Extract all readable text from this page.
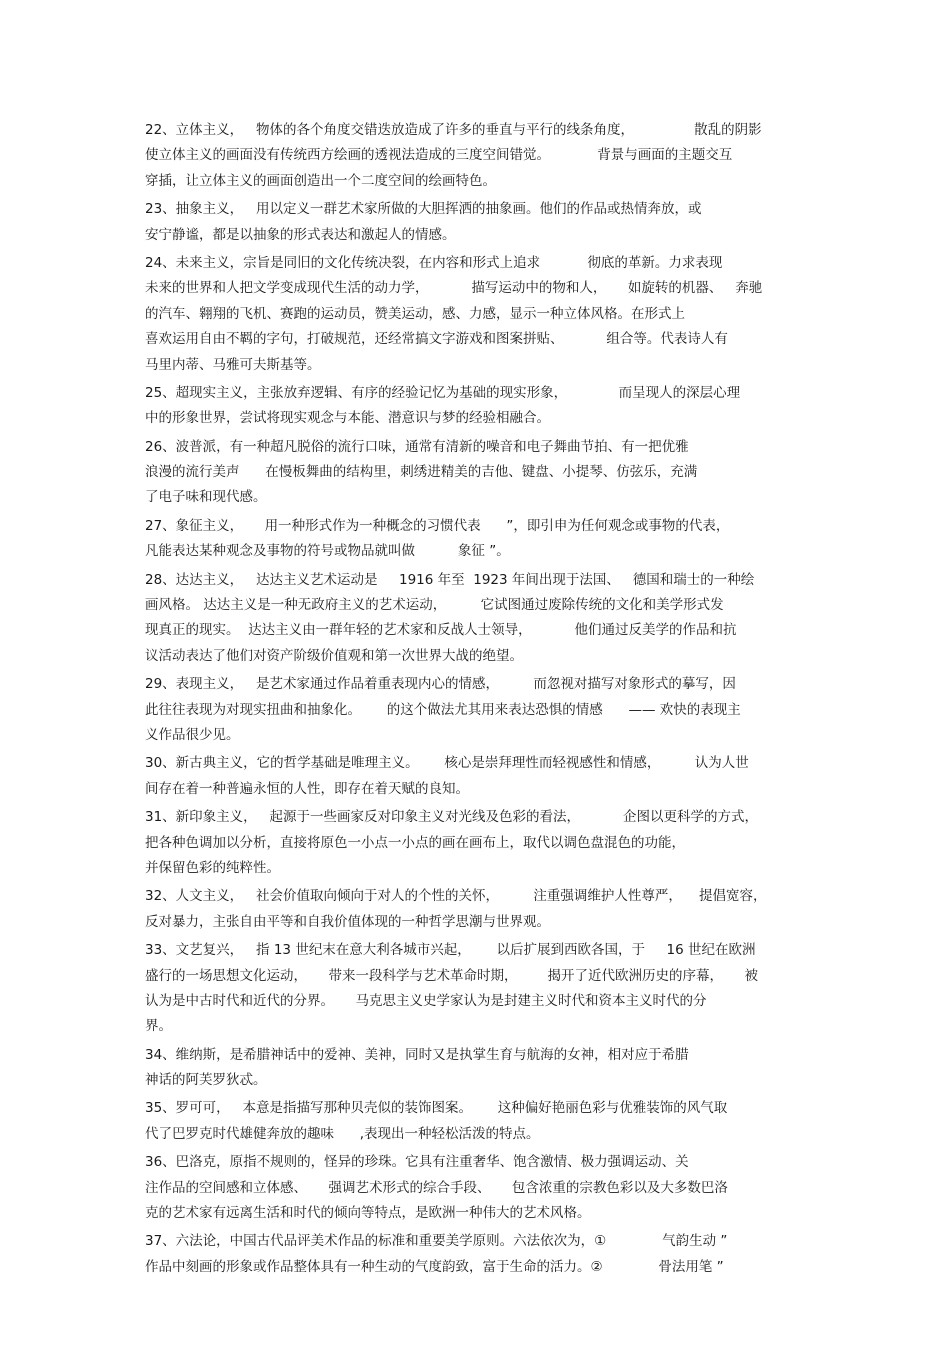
22、立体主义，   物体的各个角度交错迭放造成了许多的垂直与平行的线条角度，              散乱的阴影
使立体主义的画面没有传统西方绘画的透视法造成的三度空间错觉。           背景与画面的主题交互
穿插，让立体主义的画面创造出一个二度空间的绘画特色。
23、抽象主义，   用以定义一群艺术家所做的大胆挥洒的抽象画。他们的作品或热情奔放，或
安宁静谧，都是以抽象的形式表达和激起人的情感。
24、未来主义，宗旨是同旧的文化传统决裂，在内容和形式上追求           彻底的革新。力求表现
未来的世界和人把文学变成现代生活的动力学，          描写运动中的物和人，     如旋转的机器、   奔驰
的汽车、翱翔的飞机、赛跑的运动员，赞美运动，感、力感，显示一种立体风格。在形式上
喜欢运用自由不羁的字句，打破规范，还经常搞文字游戏和图案拼贴、          组合等。代表诗人有
马里内蒂、马雅可夫斯基等。
25、超现实主义，主张放弃逻辑、有序的经验记忆为基础的现实形象，            而呈现人的深层心理
中的形象世界，尝试将现实观念与本能、潜意识与梦的经验相融合。
26、波普派，有一种超凡脱俗的流行口味，通常有清新的噪音和电子舞曲节拍、有一把优雅
浪漫的流行美声      在慢板舞曲的结构里，刺绣进精美的吉他、键盘、小提琴、仿弦乐，充满
了电子味和现代感。
27、象征主义，     用一种形式作为一种概念的习惯代表      ”，即引申为任何观念或事物的代表，
凡能表达某种观念及事物的符号或物品就叫做          象征 ”。
28、达达主义，   达达主义艺术运动是     1916 年至  1923 年间出现于法国、   德国和瑞士的一种绘
画风格。 达达主义是一种无政府主义的艺术运动，        它试图通过废除传统的文化和美学形式发
现真正的现实。  达达主义由一群年轻的艺术家和反战人士领导，          他们通过反美学的作品和抗
议活动表达了他们对资产阶级价值观和第一次世界大战的绝望。
29、表现主义，   是艺术家通过作品着重表现内心的情感，        而忽视对描写对象形式的摹写，因
此往往表现为对现实扭曲和抽象化。      的这个做法尤其用来表达恐惧的情感      —— 欢快的表现主
义作品很少见。
30、新古典主义，它的哲学基础是唯理主义。      核心是崇拜理性而轻视感性和情感，        认为人世
间存在着一种普遍永恒的人性，即存在着天赋的良知。
31、新印象主义，   起源于一些画家反对印象主义对光线及色彩的看法，          企图以更科学的方式，
把各种色调加以分析，直接将原色一小点一小点的画在画布上，取代以调色盘混色的功能，
并保留色彩的纯粹性。
32、人文主义，   社会价值取向倾向于对人的个性的关怀，        注重强调维护人性尊严，    提倡宽容，
反对暴力，主张自由平等和自我价值体现的一种哲学思潮与世界观。
33、文艺复兴，   指 13 世纪末在意大利各城市兴起，      以后扩展到西欧各国，于     16 世纪在欧洲
盛行的一场思想文化运动，     带来一段科学与艺术革命时期，       揭开了近代欧洲历史的序幕，     被
认为是中古时代和近代的分界。     马克思主义史学家认为是封建主义时代和资本主义时代的分
界。
34、维纳斯，是希腊神话中的爱神、美神，同时又是执掌生育与航海的女神，相对应于希腊
神话的阿芙罗狄忒。
35、罗可可，   本意是指描写那种贝壳似的装饰图案。      这种偏好艳丽色彩与优雅装饰的风气取
代了巴罗克时代雄健奔放的趣味      ,表现出一种轻松活泼的特点。
36、巴洛克，原指不规则的，怪异的珍珠。它具有注重奢华、饱含激情、极力强调运动、关
注作品的空间感和立体感、     强调艺术形式的综合手段、     包含浓重的宗教色彩以及大多数巴洛
克的艺术家有远离生活和时代的倾向等特点，是欧洲一种伟大的艺术风格。
37、六法论，中国古代品评美术作品的标准和重要美学原则。六法依次为，①             气韵生动 ”
作品中刻画的形象或作品整体具有一种生动的气度韵致，富于生命的活力。②             骨法用笔 ”
